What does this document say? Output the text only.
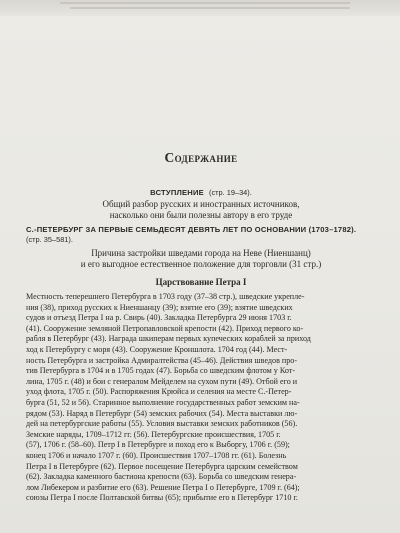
Содержание
ВСТУПЛЕНИЕ (стр. 19–34).
Общий разбор русских и иностранных источников,
насколько они были полезны автору в его труде
С.-ПЕТЕРБУРГ ЗА ПЕРВЫЕ СЕМЬДЕСЯТ ДЕВЯТЬ ЛЕТ ПО ОСНОВАНИИ (1703–1782).
(стр. 35–581).
Причина застройки шведами города на Неве (Ниеншанц)
и его выгодное естественное положение для торговли (31 стр.)
Царствование Петра I
Местность теперешнего Петербурга в 1703 году (37–38 стр.), шведские укрепле-
ния (38), приход русских к Ниеншанцу (39); взятие его (39); взятие шведских
судов и отъезд Петра I на р. Свирь (40). Закладка Петербурга 29 июня 1703 г.
(41). Сооружение земляной Петропавловской крепости (42). Приход первого ко-
рабля в Петербург (43). Награда шкиперам первых купеческих кораблей за приход
ход к Петербургу с моря (43). Сооружение Кроншлота. 1704 год (44). Мест-
ность Петербурга и застройка Адмиралтейства (45–46). Действия шведов про-
тив Петербурга в 1704 и в 1705 годах (47). Борьба со шведским флотом у Кот-
лина, 1705 г. (48) и бои с генералом Мейделем на сухом пути (49). Отбой его и
уход флота, 1705 г. (50). Распоряжения Крюйса и селения на месте С.-Петер-
бурга (51, 52 и 56). Старинное выполнение государственных работ земским на-
рядом (53). Наряд в Петербург (54) земских рабочих (54). Места выставки лю-
дей на петербургские работы (55). Условия выставки земских работников (56).
Земские наряды, 1709–1712 гг. (56). Петербургские происшествия, 1705 г.
(57), 1706 г. (58–60). Петр I в Петербурге и поход его к Выборгу, 1706 г. (59);
конец 1706 и начало 1707 г. (60). Происшествия 1707–1708 гг. (61). Болезнь
Петра I в Петербурге (62). Первое посещение Петербурга царским семейством
(62). Закладка каменного бастиона крепости (63). Борьба со шведским генера-
лом Либекером и разбитие его (63). Решение Петра I о Петербурге, 1709 г. (64);
союзы Петра I после Полтавской битвы (65); прибытие его в Петербург 1710 г.
